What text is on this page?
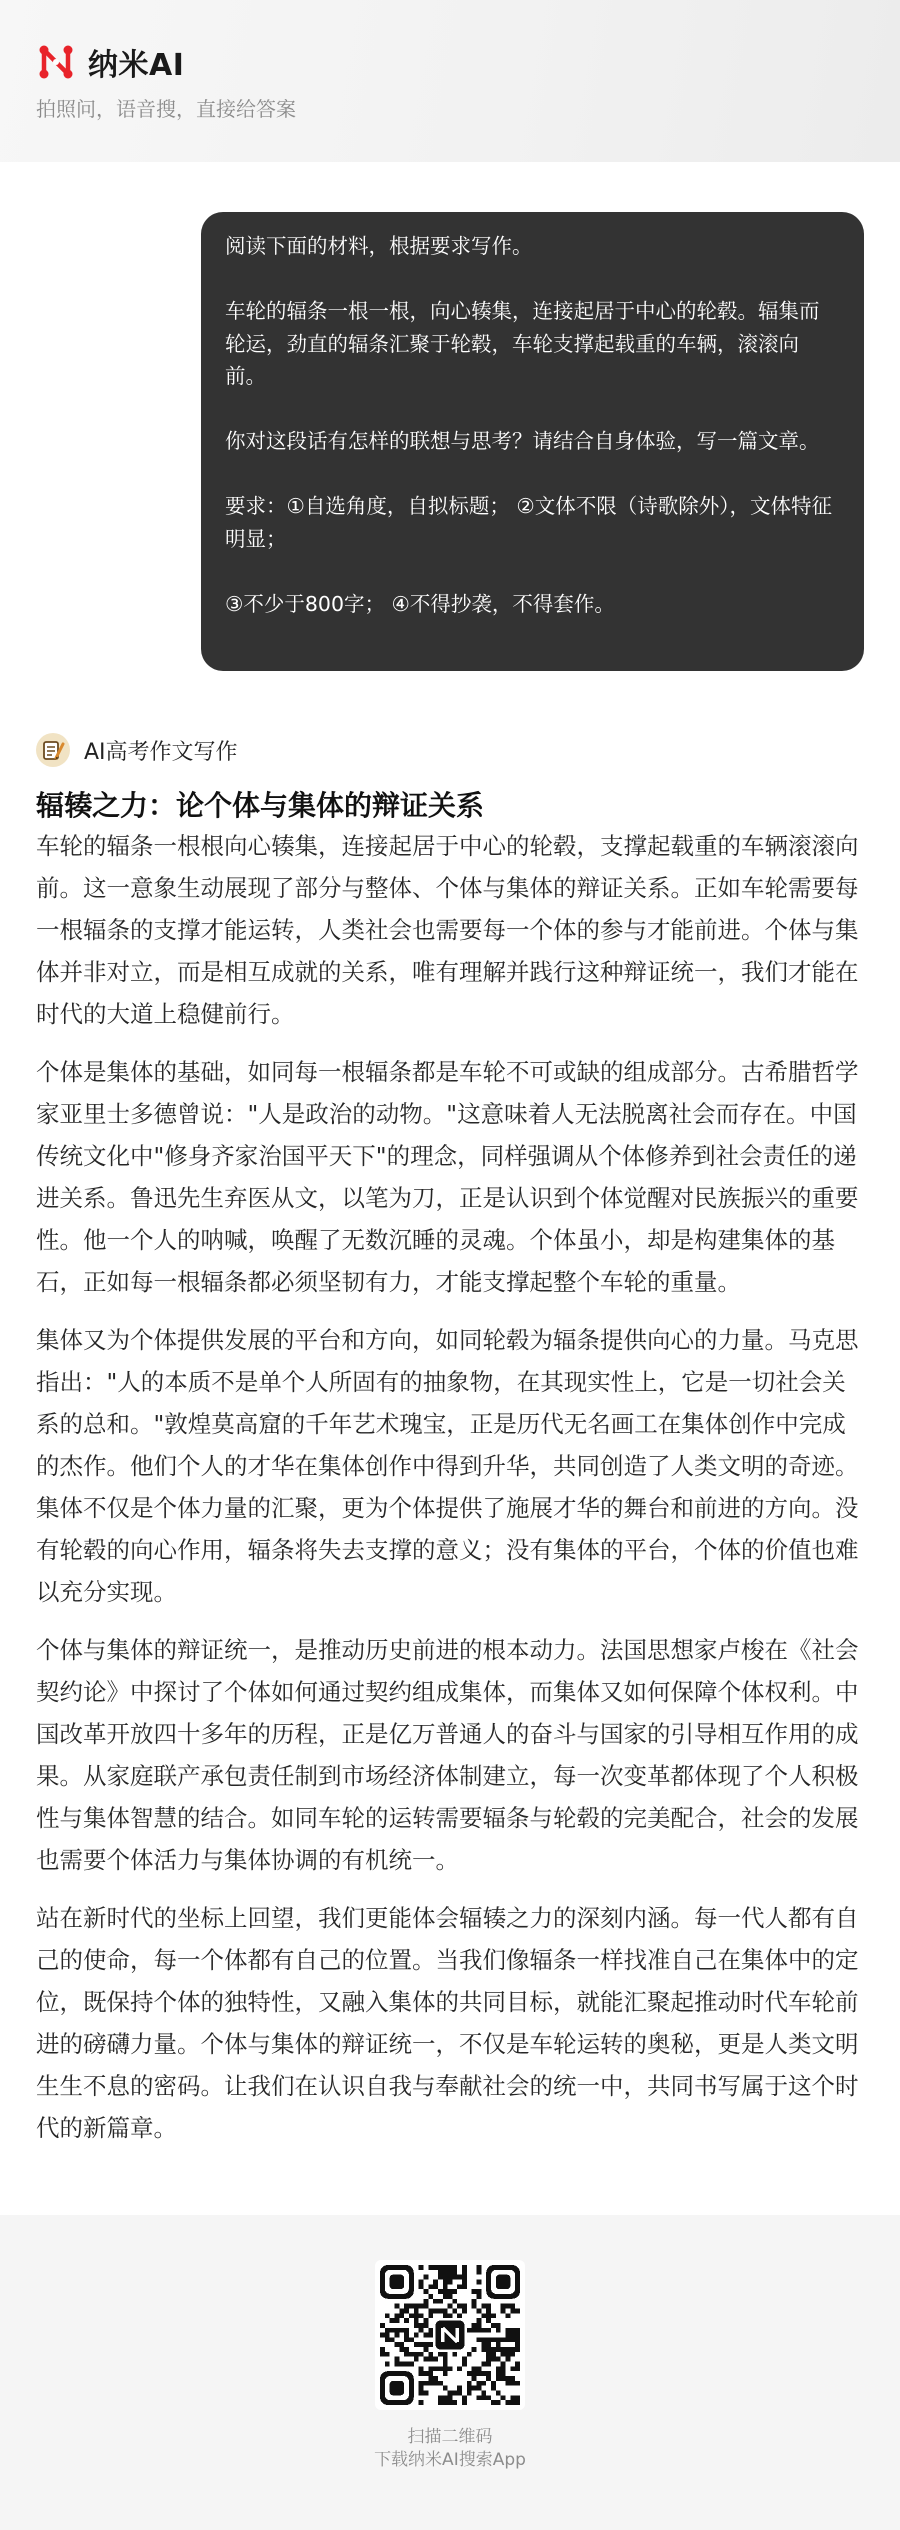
纳米AI
拍照问，语音搜，直接给答案

阅读下面的材料，根据要求写作。

车轮的辐条一根一根，向心辏集，连接起居于中心的轮毂。辐集而轮运，劲直的辐条汇聚于轮毂，车轮支撑起载重的车辆，滚滚向前。

你对这段话有怎样的联想与思考？请结合自身体验，写一篇文章。

要求：①自选角度，自拟标题； ②文体不限（诗歌除外），文体特征明显；

③不少于800字； ④不得抄袭，不得套作。

AI高考作文写作
辐辏之力：论个体与集体的辩证关系

车轮的辐条一根根向心辏集，连接起居于中心的轮毂，支撑起载重的车辆滚滚向前。这一意象生动展现了部分与整体、个体与集体的辩证关系。正如车轮需要每一根辐条的支撑才能运转，人类社会也需要每一个体的参与才能前进。个体与集体并非对立，而是相互成就的关系，唯有理解并践行这种辩证统一，我们才能在时代的大道上稳健前行。

个体是集体的基础，如同每一根辐条都是车轮不可或缺的组成部分。古希腊哲学家亚里士多德曾说："人是政治的动物。"这意味着人无法脱离社会而存在。中国传统文化中"修身齐家治国平天下"的理念，同样强调从个体修养到社会责任的递进关系。鲁迅先生弃医从文，以笔为刀，正是认识到个体觉醒对民族振兴的重要性。他一个人的呐喊，唤醒了无数沉睡的灵魂。个体虽小，却是构建集体的基石，正如每一根辐条都必须坚韧有力，才能支撑起整个车轮的重量。

集体又为个体提供发展的平台和方向，如同轮毂为辐条提供向心的力量。马克思指出："人的本质不是单个人所固有的抽象物，在其现实性上，它是一切社会关系的总和。"敦煌莫高窟的千年艺术瑰宝，正是历代无名画工在集体创作中完成的杰作。他们个人的才华在集体创作中得到升华，共同创造了人类文明的奇迹。集体不仅是个体力量的汇聚，更为个体提供了施展才华的舞台和前进的方向。没有轮毂的向心作用，辐条将失去支撑的意义；没有集体的平台，个体的价值也难以充分实现。

个体与集体的辩证统一，是推动历史前进的根本动力。法国思想家卢梭在《社会契约论》中探讨了个体如何通过契约组成集体，而集体又如何保障个体权利。中国改革开放四十多年的历程，正是亿万普通人的奋斗与国家的引导相互作用的成果。从家庭联产承包责任制到市场经济体制建立，每一次变革都体现了个人积极性与集体智慧的结合。如同车轮的运转需要辐条与轮毂的完美配合，社会的发展也需要个体活力与集体协调的有机统一。

站在新时代的坐标上回望，我们更能体会辐辏之力的深刻内涵。每一代人都有自己的使命，每一个体都有自己的位置。当我们像辐条一样找准自己在集体中的定位，既保持个体的独特性，又融入集体的共同目标，就能汇聚起推动时代车轮前进的磅礴力量。个体与集体的辩证统一，不仅是车轮运转的奥秘，更是人类文明生生不息的密码。让我们在认识自我与奉献社会的统一中，共同书写属于这个时代的新篇章。

扫描二维码
下载纳米AI搜索App
